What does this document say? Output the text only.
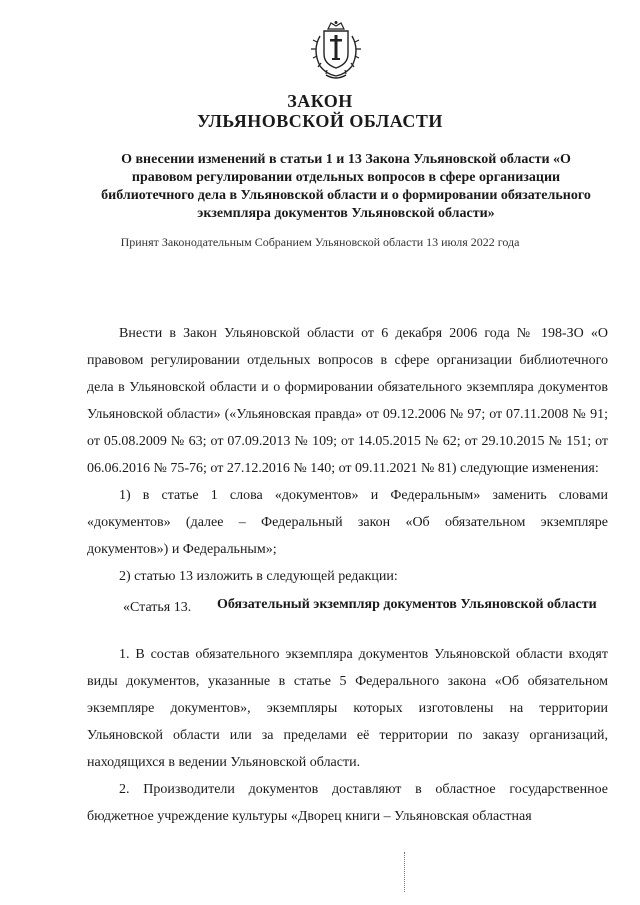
ЗАКОН
УЛЬЯНОВСКОЙ ОБЛАСТИ
О внесении изменений в статьи 1 и 13 Закона Ульяновской области «О правовом регулировании отдельных вопросов в сфере организации библиотечного дела в Ульяновской области и о формировании обязательного экземпляра документов Ульяновской области»
Принят Законодательным Собранием Ульяновской области 13 июля 2022 года

Внести в Закон Ульяновской области от 6 декабря 2006 года № 198-ЗО «О правовом регулировании отдельных вопросов в сфере организации библиотечного дела в Ульяновской области и о формировании обязательного экземпляра документов Ульяновской области» («Ульяновская правда» от 09.12.2006 № 97; от 07.11.2008 № 91; от 05.08.2009 № 63; от 07.09.2013 № 109; от 14.05.2015 № 62; от 29.10.2015 № 151; от 06.06.2016 № 75-76; от 27.12.2016 № 140; от 09.11.2021 № 81) следующие изменения:

1) в статье 1 слова «документов» и Федеральным» заменить словами «документов» (далее – Федеральный закон «Об обязательном экземпляре документов») и Федеральным»;

2) статью 13 изложить в следующей редакции:

«Статья 13.	Обязательный экземпляр документов Ульяновской области

1. В состав обязательного экземпляра документов Ульяновской области входят виды документов, указанные в статье 5 Федерального закона «Об обязательном экземпляре документов», экземпляры которых изготовлены на территории Ульяновской области или за пределами её территории по заказу организаций, находящихся в ведении Ульяновской области.

2. Производители документов доставляют в областное государственное бюджетное учреждение культуры «Дворец книги – Ульяновская областная
